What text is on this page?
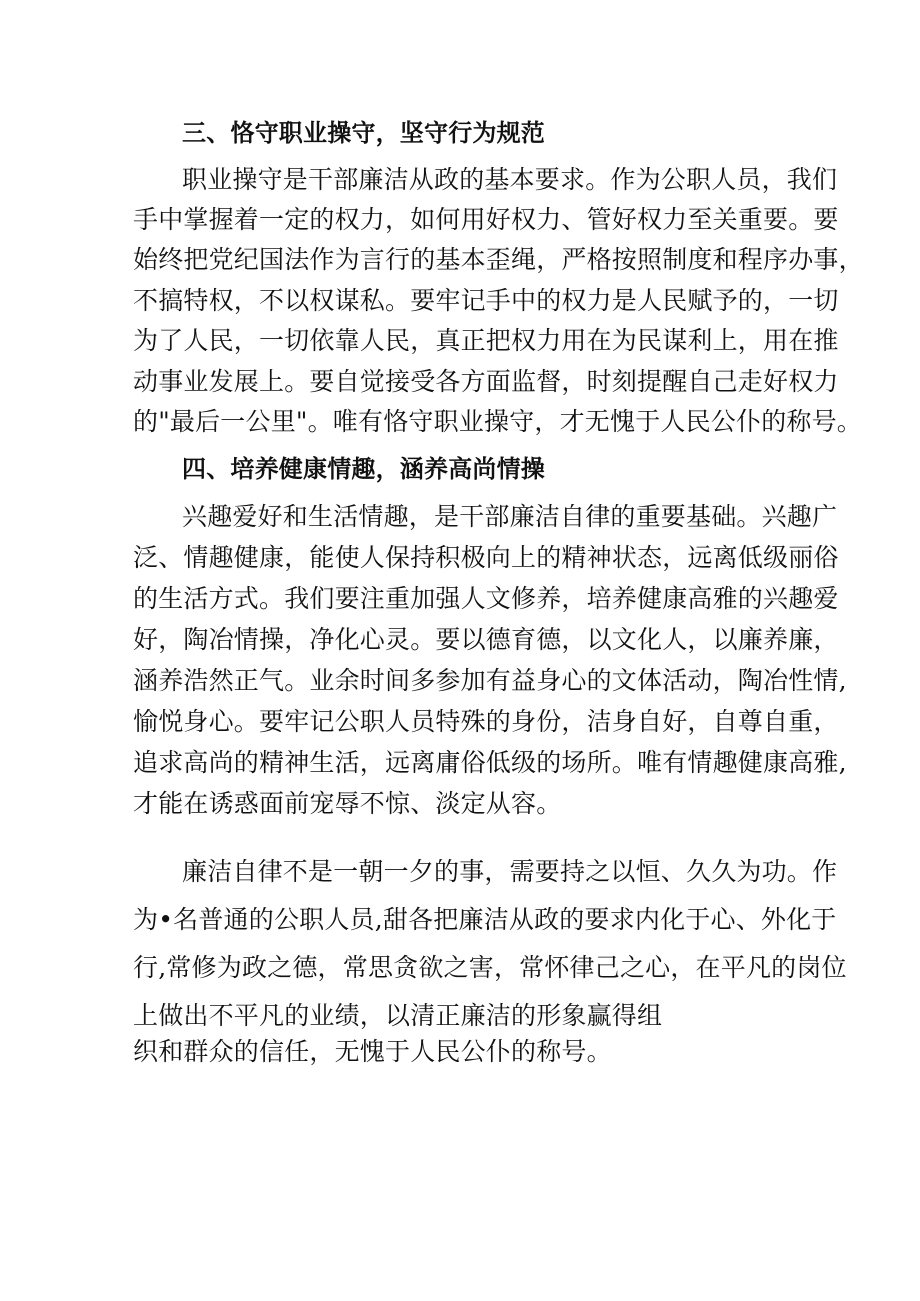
三、恪守职业操守，坚守行为规范
职业操守是干部廉洁从政的基本要求。作为公职人员，我们
手中掌握着一定的权力，如何用好权力、管好权力至关重要。要
始终把党纪国法作为言行的基本歪绳，严格按照制度和程序办事，
不搞特权，不以权谋私。要牢记手中的权力是人民赋予的，一切
为了人民，一切依靠人民，真正把权力用在为民谋利上，用在推
动事业发展上。要自觉接受各方面监督，时刻提醒自己走好权力
的"最后一公里"。唯有恪守职业操守，才无愧于人民公仆的称号。
四、培养健康情趣，涵养高尚情操
兴趣爱好和生活情趣，是干部廉洁自律的重要基础。兴趣广
泛、情趣健康，能使人保持积极向上的精神状态，远离低级丽俗
的生活方式。我们要注重加强人文修养，培养健康高雅的兴趣爱
好，陶冶情操，净化心灵。要以德育德，以文化人，以廉养廉，
涵养浩然正气。业余时间多参加有益身心的文体活动，陶冶性情,
愉悦身心。要牢记公职人员特殊的身份，洁身自好，自尊自重，
追求高尚的精神生活，远离庸俗低级的场所。唯有情趣健康高雅,
才能在诱惑面前宠辱不惊、淡定从容。
廉洁自律不是一朝一夕的事，需要持之以恒、久久为功。作
为•名普通的公职人员,甜各把廉洁从政的要求内化于心、外化于
行,常修为政之德，常思贪欲之害，常怀律己之心，在平凡的岗位
上做出不平凡的业绩，以清正廉洁的形象赢得组
织和群众的信任，无愧于人民公仆的称号。
